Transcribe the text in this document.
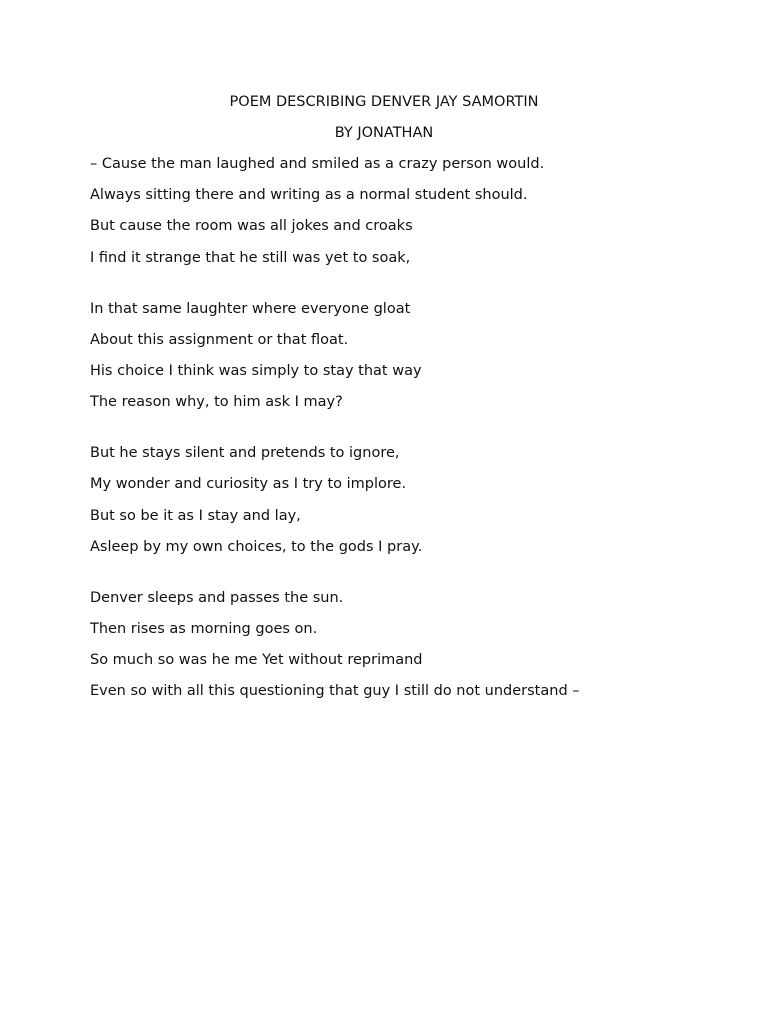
POEM DESCRIBING DENVER JAY SAMORTIN
BY JONATHAN
– Cause the man laughed and smiled as a crazy person would.
Always sitting there and writing as a normal student should.
But cause the room was all jokes and croaks
I find it strange that he still was yet to soak,
In that same laughter where everyone gloat
About this assignment or that float.
His choice I think was simply to stay that way
The reason why, to him ask I may?
But he stays silent and pretends to ignore,
My wonder and curiosity as I try to implore.
But so be it as I stay and lay,
Asleep by my own choices, to the gods I pray.
Denver sleeps and passes the sun.
Then rises as morning goes on.
So much so was he me Yet without reprimand
Even so with all this questioning that guy I still do not understand –
